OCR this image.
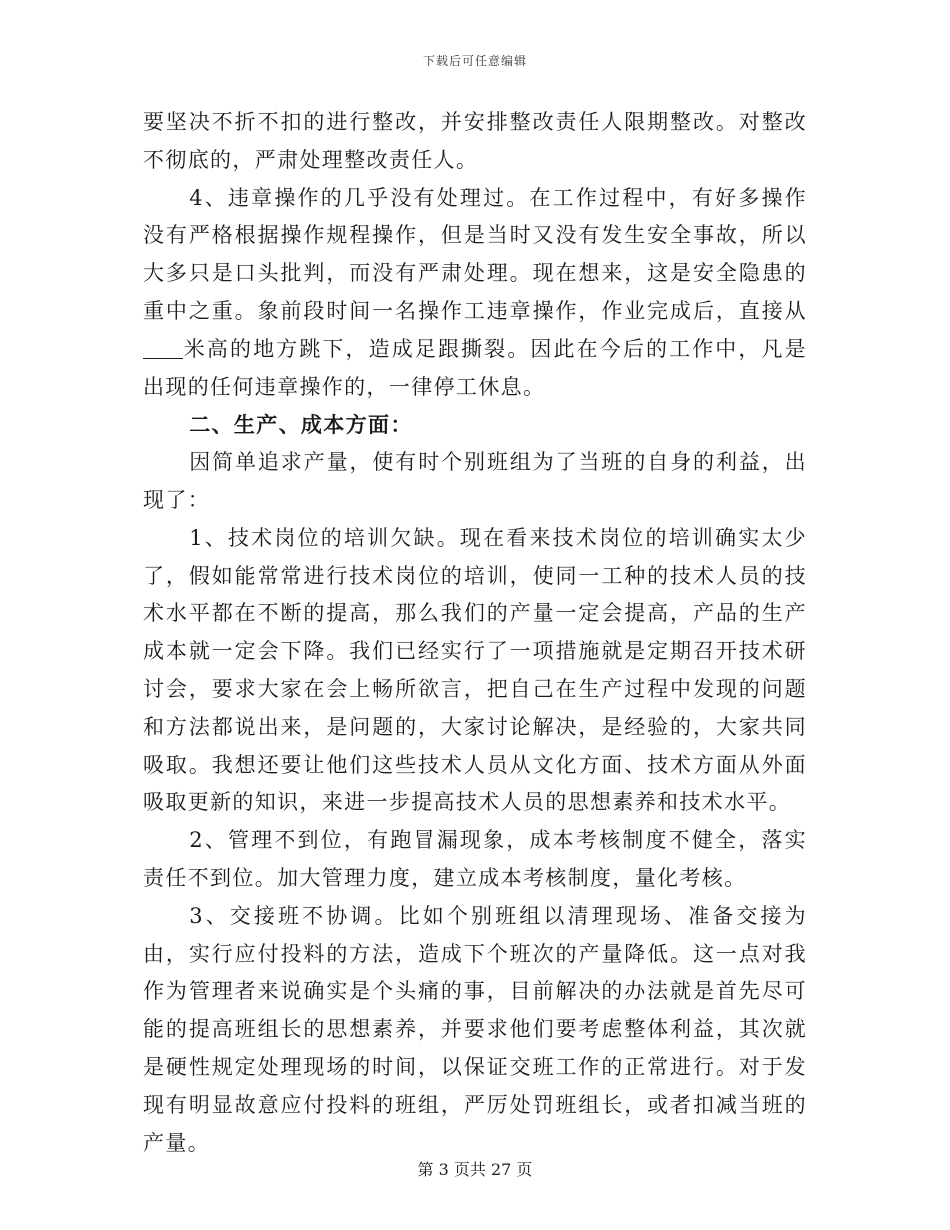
下载后可任意编辑

要坚决不折不扣的进行整改，并安排整改责任人限期整改。对整改不彻底的，严肃处理整改责任人。

4、违章操作的几乎没有处理过。在工作过程中，有好多操作没有严格根据操作规程操作，但是当时又没有发生安全事故，所以大多只是口头批判，而没有严肃处理。现在想来，这是安全隐患的重中之重。象前段时间一名操作工违章操作，作业完成后，直接从米高的地方跳下，造成足跟撕裂。因此在今后的工作中，凡是出现的任何违章操作的，一律停工休息。

二、生产、成本方面：

因简单追求产量，使有时个别班组为了当班的自身的利益，出现了：

1、技术岗位的培训欠缺。现在看来技术岗位的培训确实太少了，假如能常常进行技术岗位的培训，使同一工种的技术人员的技术水平都在不断的提高，那么我们的产量一定会提高，产品的生产成本就一定会下降。我们已经实行了一项措施就是定期召开技术研讨会，要求大家在会上畅所欲言，把自己在生产过程中发现的问题和方法都说出来，是问题的，大家讨论解决，是经验的，大家共同吸取。我想还要让他们这些技术人员从文化方面、技术方面从外面吸取更新的知识，来进一步提高技术人员的思想素养和技术水平。

2、管理不到位，有跑冒漏现象，成本考核制度不健全，落实责任不到位。加大管理力度，建立成本考核制度，量化考核。

3、交接班不协调。比如个别班组以清理现场、准备交接为由，实行应付投料的方法，造成下个班次的产量降低。这一点对我作为管理者来说确实是个头痛的事，目前解决的办法就是首先尽可能的提高班组长的思想素养，并要求他们要考虑整体利益，其次就是硬性规定处理现场的时间，以保证交班工作的正常进行。对于发现有明显故意应付投料的班组，严厉处罚班组长，或者扣减当班的产量。

第 3 页共 27 页
